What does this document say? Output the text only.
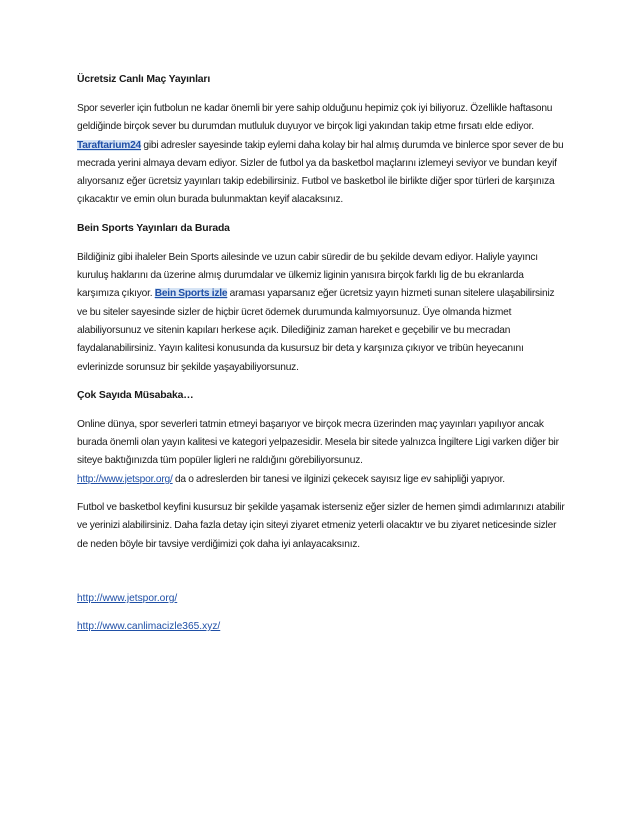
Ücretsiz Canlı Maç Yayınları

Spor severler için futbolun ne kadar önemli bir yere sahip olduğunu hepimiz çok iyi biliyoruz. Özellikle haftasonu geldiğinde birçok sever bu durumdan mutluluk duyuyor ve birçok ligi yakından takip etme fırsatı elde ediyor. Taraftarium24 gibi adresler sayesinde takip eylemi daha kolay bir hal almış durumda ve binlerce spor sever de bu mecrada yerini almaya devam ediyor. Sizler de futbol ya da basketbol maçlarını izlemeyi seviyor ve bundan keyif alıyorsanız eğer ücretsiz yayınları takip edebilirsiniz. Futbol ve basketbol ile birlikte diğer spor türleri de karşınıza çıkacaktır ve emin olun burada bulunmaktan keyif alacaksınız.

Bein Sports Yayınları da Burada

Bildiğiniz gibi ihaleler Bein Sports ailesinde ve uzun cabir süredir de bu şekilde devam ediyor. Haliyle yayıncı kuruluş haklarını da üzerine almış durumdalar ve ülkemiz liginin yanısıra birçok farklı lig de bu ekranlarda karşımıza çıkıyor. Bein Sports izle araması yaparsanız eğer ücretsiz yayın hizmeti sunan sitelere ulaşabilirsiniz ve bu siteler sayesinde sizler de hiçbir ücret ödemek durumunda kalmıyorsunuz. Üye olmanda hizmet alabiliyorsunuz ve sitenin kapıları herkese açık. Dilediğiniz zaman hareket e geçebilir ve bu mecradan faydalanabilirsiniz. Yayın kalitesi konusunda da kusursuz bir deta y karşınıza çıkıyor ve tribün heyecanını evlerinizde sorunsuz bir şekilde yaşayabiliyorsunuz.

Çok Sayıda Müsabaka…

Online dünya, spor severleri tatmin etmeyi başarıyor ve birçok mecra üzerinden maç yayınları yapılıyor ancak burada önemli olan yayın kalitesi ve kategori yelpazesidir. Mesela bir sitede yalnızca İngiltere Ligi varken diğer bir siteye baktığınızda tüm popüler ligleri ne raldığını görebiliyorsunuz.
http://www.jetspor.org/ da o adreslerden bir tanesi ve ilginizi çekecek sayısız lige ev sahipliği yapıyor.

Futbol ve basketbol keyfini kusursuz bir şekilde yaşamak isterseniz eğer sizler de hemen şimdi adımlarınızı atabilir ve yerinizi alabilirsiniz. Daha fazla detay için siteyi ziyaret etmeniz yeterli olacaktır ve bu ziyaret neticesinde sizler de neden böyle bir tavsiye verdiğimizi çok daha iyi anlayacaksınız.

http://www.jetspor.org/

http://www.canlimacizle365.xyz/
